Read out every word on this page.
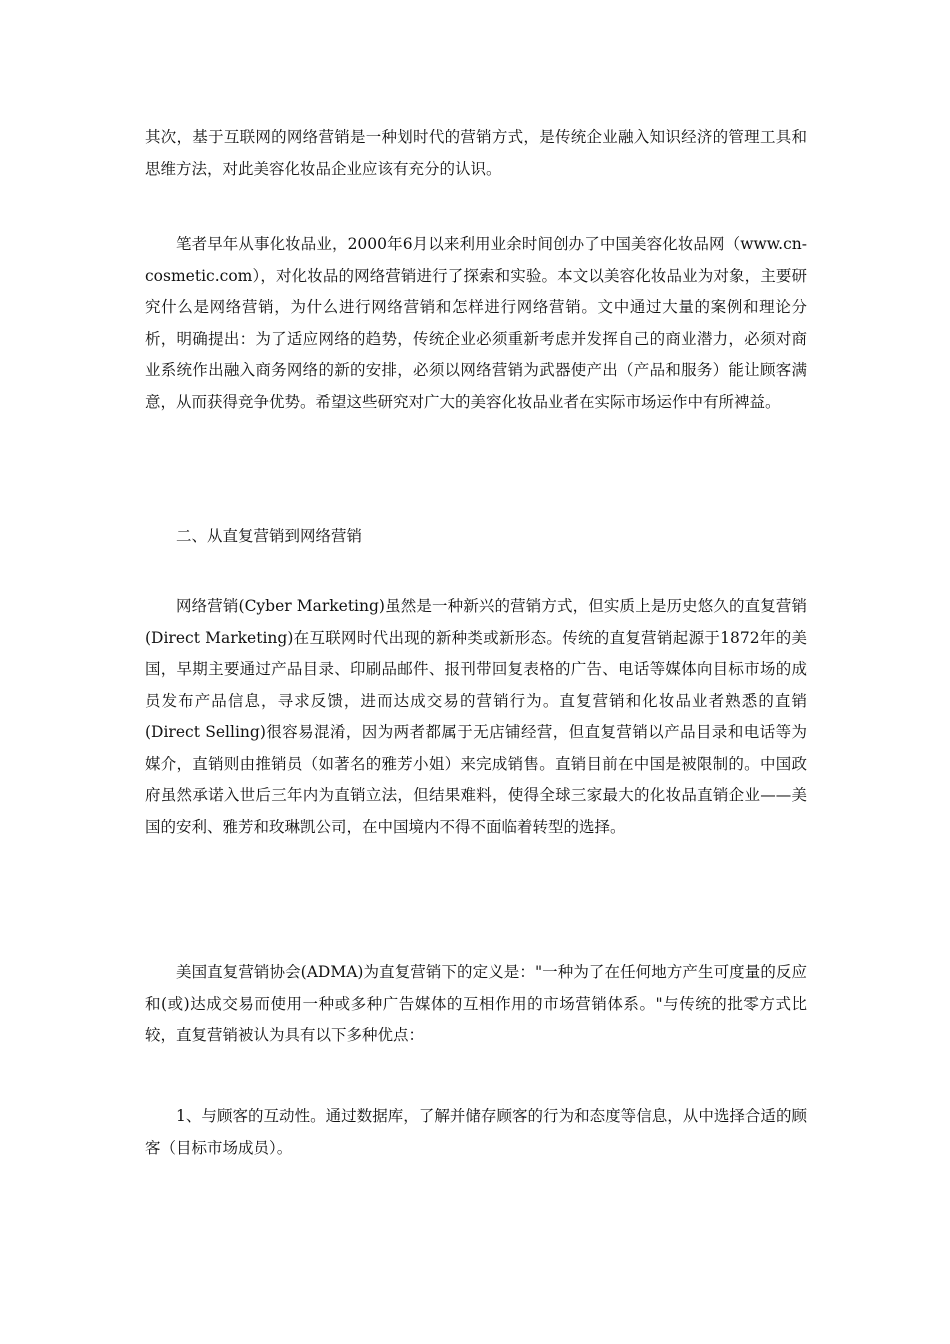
其次，基于互联网的网络营销是一种划时代的营销方式，是传统企业融入知识经济的管理工具和思维方法，对此美容化妆品企业应该有充分的认识。

笔者早年从事化妆品业，2000年6月以来利用业余时间创办了中国美容化妆品网（www.cn-cosmetic.com），对化妆品的网络营销进行了探索和实验。本文以美容化妆品业为对象，主要研究什么是网络营销，为什么进行网络营销和怎样进行网络营销。文中通过大量的案例和理论分析，明确提出：为了适应网络的趋势，传统企业必须重新考虑并发挥自己的商业潜力，必须对商业系统作出融入商务网络的新的安排，必须以网络营销为武器使产出（产品和服务）能让顾客满意，从而获得竞争优势。希望这些研究对广大的美容化妆品业者在实际市场运作中有所裨益。

二、从直复营销到网络营销

网络营销(Cyber Marketing)虽然是一种新兴的营销方式，但实质上是历史悠久的直复营销(Direct Marketing)在互联网时代出现的新种类或新形态。传统的直复营销起源于1872年的美国，早期主要通过产品目录、印刷品邮件、报刊带回复表格的广告、电话等媒体向目标市场的成员发布产品信息，寻求反馈，进而达成交易的营销行为。直复营销和化妆品业者熟悉的直销(Direct Selling)很容易混淆，因为两者都属于无店铺经营，但直复营销以产品目录和电话等为媒介，直销则由推销员（如著名的雅芳小姐）来完成销售。直销目前在中国是被限制的。中国政府虽然承诺入世后三年内为直销立法，但结果难料，使得全球三家最大的化妆品直销企业——美国的安利、雅芳和玫琳凯公司，在中国境内不得不面临着转型的选择。

美国直复营销协会(ADMA)为直复营销下的定义是："一种为了在任何地方产生可度量的反应和(或)达成交易而使用一种或多种广告媒体的互相作用的市场营销体系。"与传统的批零方式比较，直复营销被认为具有以下多种优点：

1、与顾客的互动性。通过数据库，了解并储存顾客的行为和态度等信息，从中选择合适的顾客（目标市场成员）。
